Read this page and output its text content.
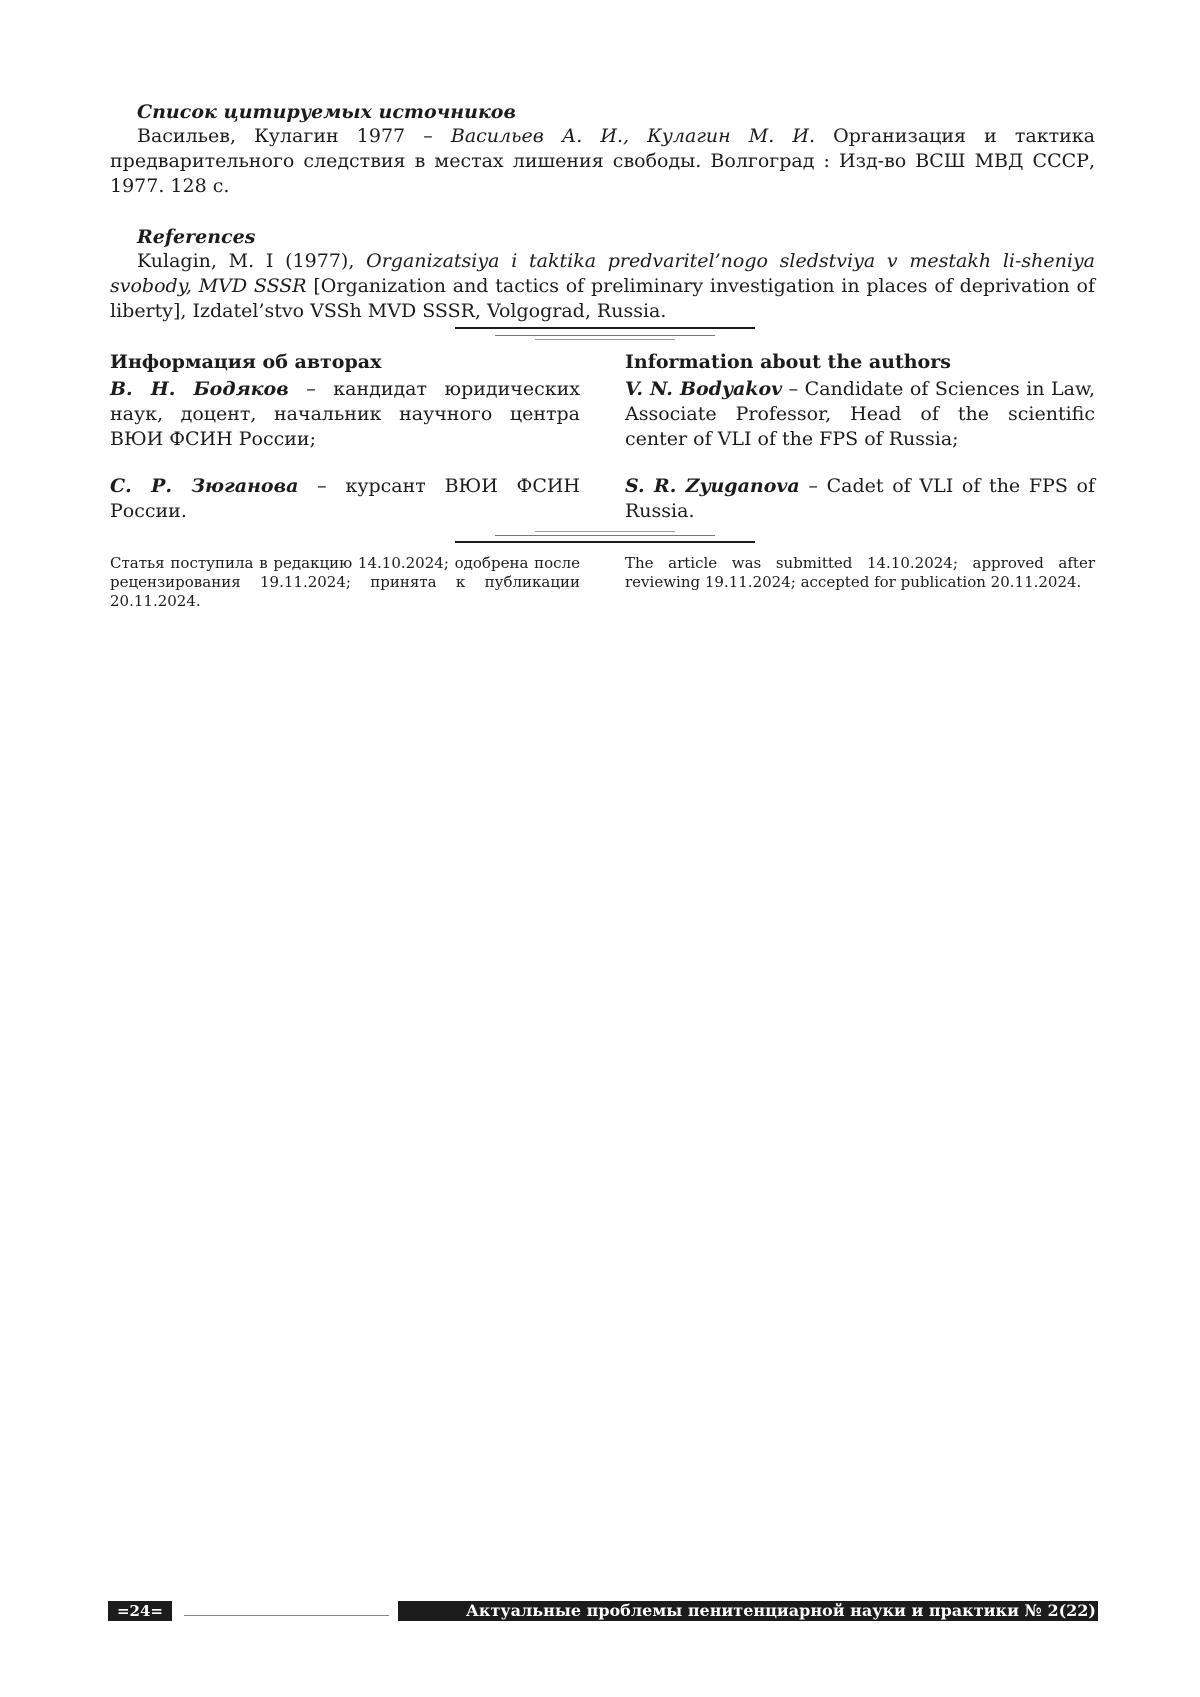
Список цитируемых источников

Васильев, Кулагин 1977 – Васильев А. И., Кулагин М. И. Организация и тактика предварительного следствия в местах лишения свободы. Волгоград : Изд-во ВСШ МВД СССР, 1977. 128 с.

References

Kulagin, M. I (1977), Organizatsiya i taktika predvaritel’nogo sledstviya v mestakh li-sheniya svobody, MVD SSSR [Organization and tactics of preliminary investigation in places of deprivation of liberty], Izdatel’stvo VSSh MVD SSSR, Volgograd, Russia.

Информация об авторах

В. Н. Бодяков – кандидат юридических наук, доцент, начальник научного центра ВЮИ ФСИН России;

С. Р. Зюганова – курсант ВЮИ ФСИН России.

Information about the authors

V. N. Bodyakov – Candidate of Sciences in Law, Associate Professor, Head of the scientific center of VLI of the FPS of Russia;

S. R. Zyuganova – Cadet of VLI of the FPS of Russia.

Статья поступила в редакцию 14.10.2024; одобрена после рецензирования 19.11.2024; принята к публикации 20.11.2024.

The article was submitted 14.10.2024; approved after reviewing 19.11.2024; accepted for publication 20.11.2024.

=24=	Актуальные проблемы пенитенциарной науки и практики № 2(22)
